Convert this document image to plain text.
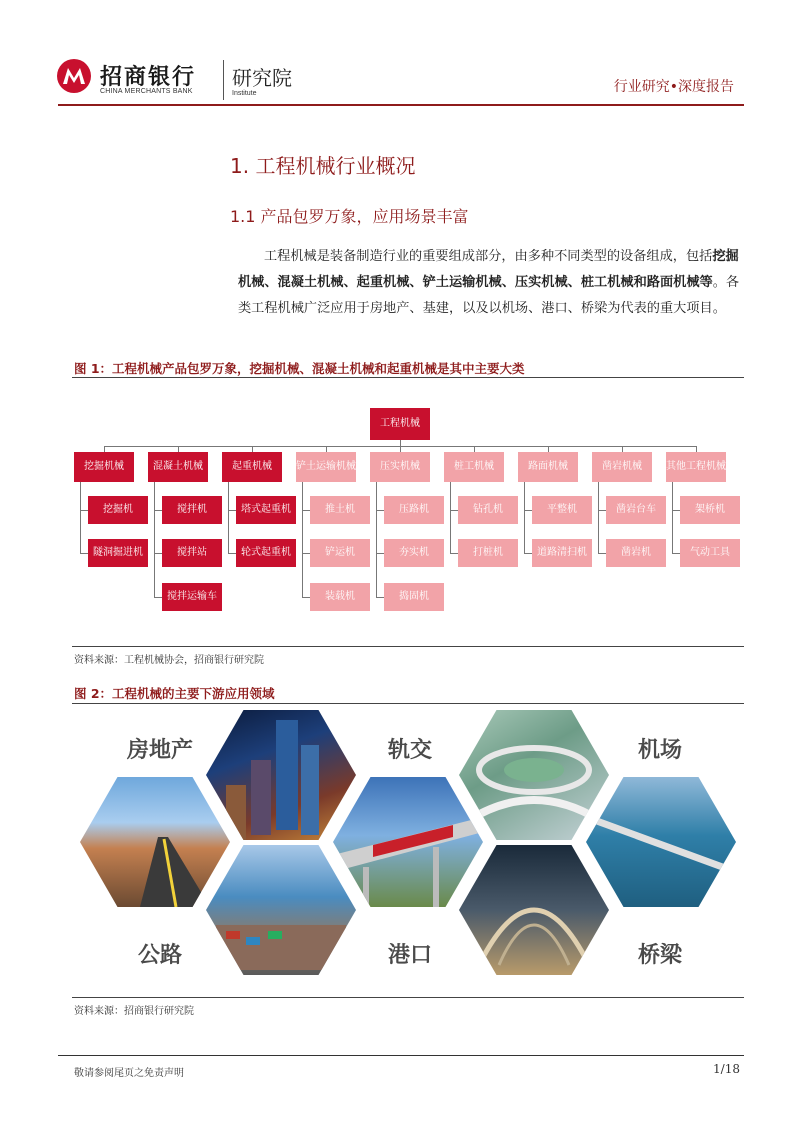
招商银行
CHINA MERCHANTS BANK
研究院
Institute	行业研究•深度报告
1. 工程机械行业概况
1.1 产品包罗万象，应用场景丰富

工程机械是装备制造行业的重要组成部分，由多种不同类型的设备组成，包括挖掘机械、混凝土机械、起重机械、铲土运输机械、压实机械、桩工机械和路面机械等。各类工程机械广泛应用于房地产、基建，以及以机场、港口、桥梁为代表的重大项目。

图 1：工程机械产品包罗万象，挖掘机械、混凝土机械和起重机械是其中主要大类
工程机械
挖掘机械
挖掘机
隧洞掘进机
混凝土机械
搅拌机
搅拌站
搅拌运输车
起重机械
塔式起重机
轮式起重机
铲土运输机械
推土机
铲运机
装载机
压实机械
压路机
夯实机
捣固机
桩工机械
钻孔机
打桩机
路面机械
平整机
道路清扫机
凿岩机械
凿岩台车
凿岩机
其他工程机械
架桥机
气动工具
资料来源：工程机械协会，招商银行研究院
图 2：工程机械的主要下游应用领域
房地产	轨交	机场
公路	港口	桥梁
资料来源：招商银行研究院
敬请参阅尾页之免责声明	1/18
